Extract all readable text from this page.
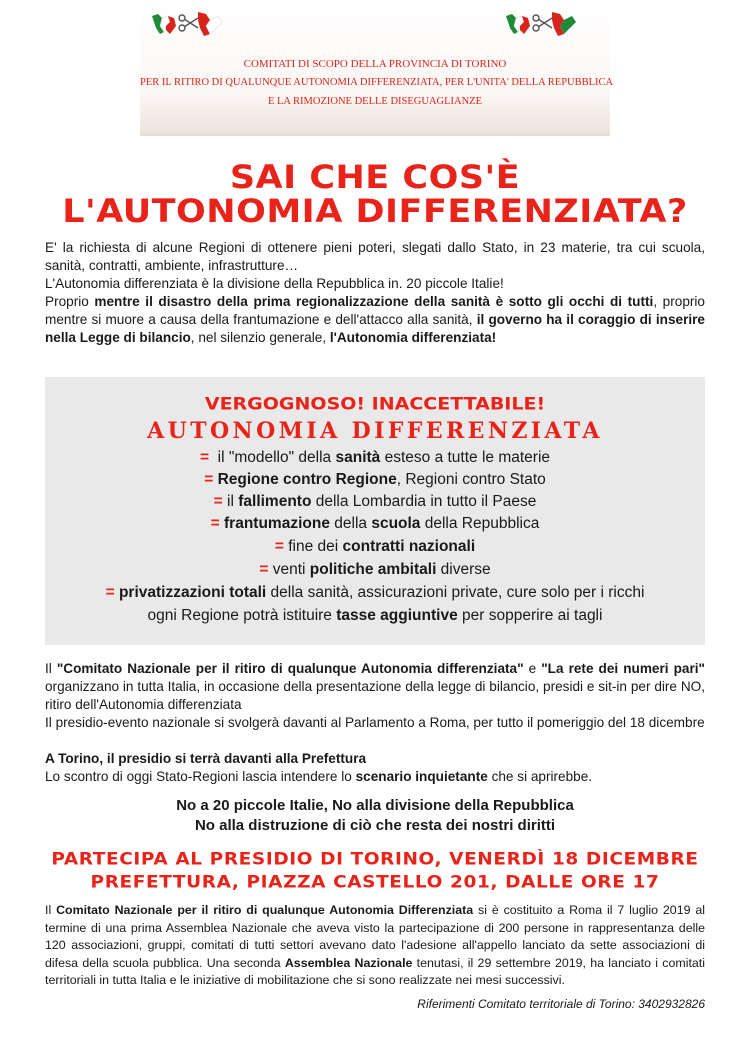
COMITATI DI SCOPO DELLA PROVINCIA DI TORINO
PER IL RITIRO DI QUALUNQUE AUTONOMIA DIFFERENZIATA, PER L'UNITA' DELLA REPUBBLICA
E LA RIMOZIONE DELLE DISEGUAGLIANZE
SAI CHE COS'È
L'AUTONOMIA DIFFERENZIATA?

E' la richiesta di alcune Regioni di ottenere pieni poteri, slegati dallo Stato, in 23 materie, tra cui scuola, sanità, contratti, ambiente, infrastrutture…

L'Autonomia differenziata è la divisione della Repubblica in. 20 piccole Italie!

Proprio mentre il disastro della prima regionalizzazione della sanità è sotto gli occhi di tutti, proprio mentre si muore a causa della frantumazione e dell'attacco alla sanità, il governo ha il coraggio di inserire nella Legge di bilancio, nel silenzio generale, l'Autonomia differenziata!

VERGOGNOSO! INACCETTABILE!
AUTONOMIA DIFFERENZIATA
= il "modello" della sanità esteso a tutte le materie
= Regione contro Regione, Regioni contro Stato
= il fallimento della Lombardia in tutto il Paese
= frantumazione della scuola della Repubblica
= fine dei contratti nazionali
= venti politiche ambitali diverse
= privatizzazioni totali della sanità, assicurazioni private, cure solo per i ricchi
ogni Regione potrà istituire tasse aggiuntive per sopperire ai tagli

Il "Comitato Nazionale per il ritiro di qualunque Autonomia differenziata" e "La rete dei numeri pari" organizzano in tutta Italia, in occasione della presentazione della legge di bilancio, presidi e sit-in per dire NO, ritiro dell'Autonomia differenziata

Il presidio-evento nazionale si svolgerà davanti al Parlamento a Roma, per tutto il pomeriggio del 18 dicembre

A Torino, il presidio si terrà davanti alla Prefettura

Lo scontro di oggi Stato-Regioni lascia intendere lo scenario inquietante che si aprirebbe.

No a 20 piccole Italie, No alla divisione della Repubblica
No alla distruzione di ciò che resta dei nostri diritti
PARTECIPA AL PRESIDIO DI TORINO, VENERDÌ 18 DICEMBRE
PREFETTURA, PIAZZA CASTELLO 201, DALLE ORE 17

Il Comitato Nazionale per il ritiro di qualunque Autonomia Differenziata si è costituito a Roma il 7 luglio 2019 al termine di una prima Assemblea Nazionale che aveva visto la partecipazione di 200 persone in rappresentanza delle 120 associazioni, gruppi, comitati di tutti settori avevano dato l'adesione all'appello lanciato da sette associazioni di difesa della scuola pubblica. Una seconda Assemblea Nazionale tenutasi, il 29 settembre 2019, ha lanciato i comitati territoriali in tutta Italia e le iniziative di mobilitazione che si sono realizzate nei mesi successivi.

Riferimenti Comitato territoriale di Torino: 3402932826
